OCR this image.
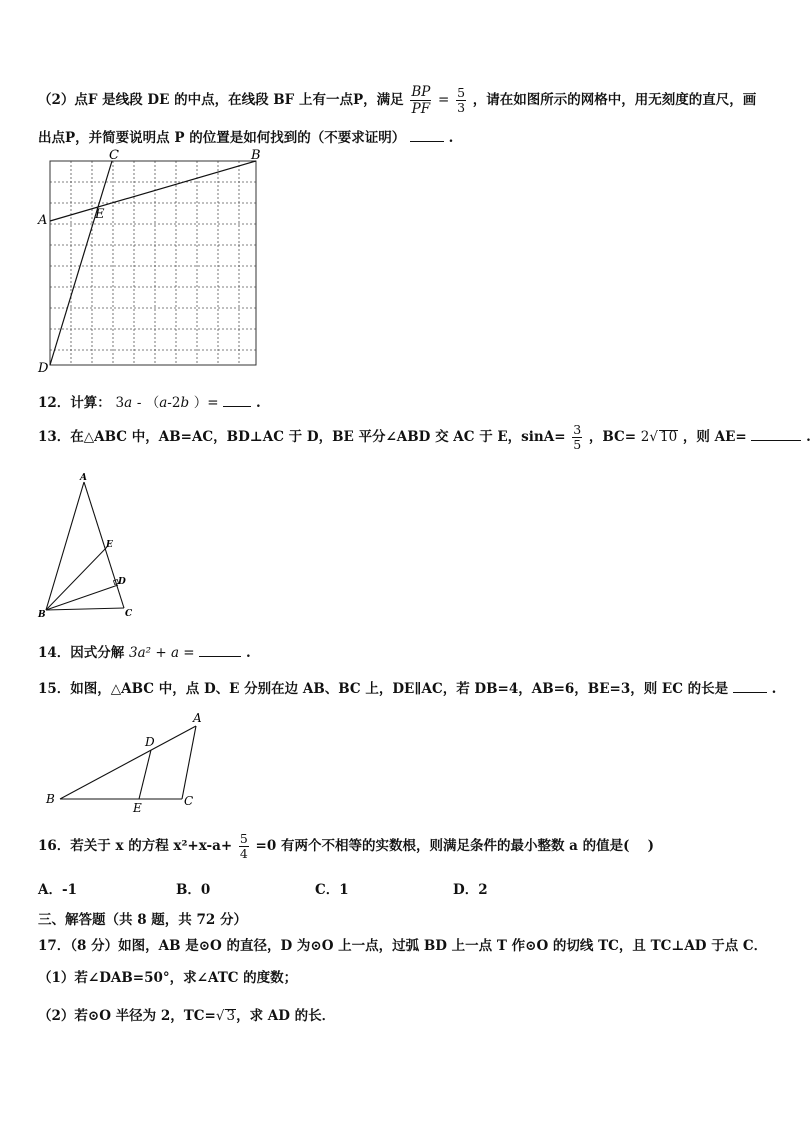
（2）点F 是线段 DE 的中点，在线段 BF 上有一点P，满足 $\frac{BP}{PF} = \frac{5}{3}$ ，请在如图所示的网格中，用无刻度的直尺，画
出点P，并简要说明点 P 的位置是如何找到的（不要求证明）	.
A
B
C
D
E
12．计算： 3a - （a-2b ）=	.
13．在△ABC 中，AB=AC，BD⊥AC 于 D，BE 平分∠ABD 交 AC 于 E，$\sin A= \frac{3}{5}$ ，BC= 2√ 10 ，则 AE=	.
A
E
D
B	C
14．因式分解 3a² + a =	.
15．如图，△ABC 中，点 D、E 分别在边 AB、BC 上，DE∥AC，若 DB=4，AB=6，BE=3，则 EC 的长是	.
A
D
B
E	C
16．若关于 x 的方程 $x^2+x-a+ \frac{5}{4} =0$ 有两个不相等的实数根，则满足条件的最小整数 a 的值是(　 )
A．-1	B．0	C．1	D．2
三、解答题（共 8 题，共 72 分）
17．（8 分）如图，AB 是⊙O 的直径，D 为⊙O 上一点，过弧 BD 上一点 T 作⊙O 的切线 TC，且 TC⊥AD 于点 C．
（1）若∠DAB=50°，求∠ATC 的度数；
（2）若⊙O 半径为 2，TC=√ 3，求 AD 的长．
